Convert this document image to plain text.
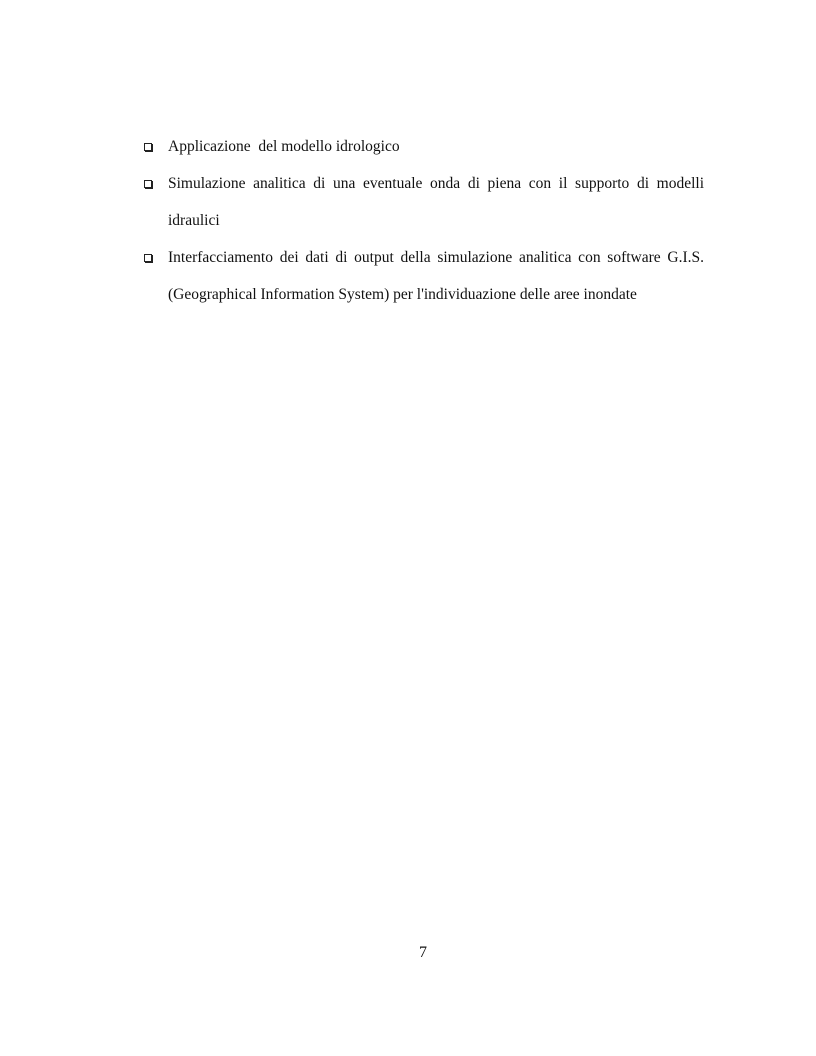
Applicazione  del modello idrologico
Simulazione analitica di una eventuale onda di piena con il supporto di modelli idraulici
Interfacciamento dei dati di output della simulazione analitica con software G.I.S. (Geographical Information System) per l'individuazione delle aree inondate
7
